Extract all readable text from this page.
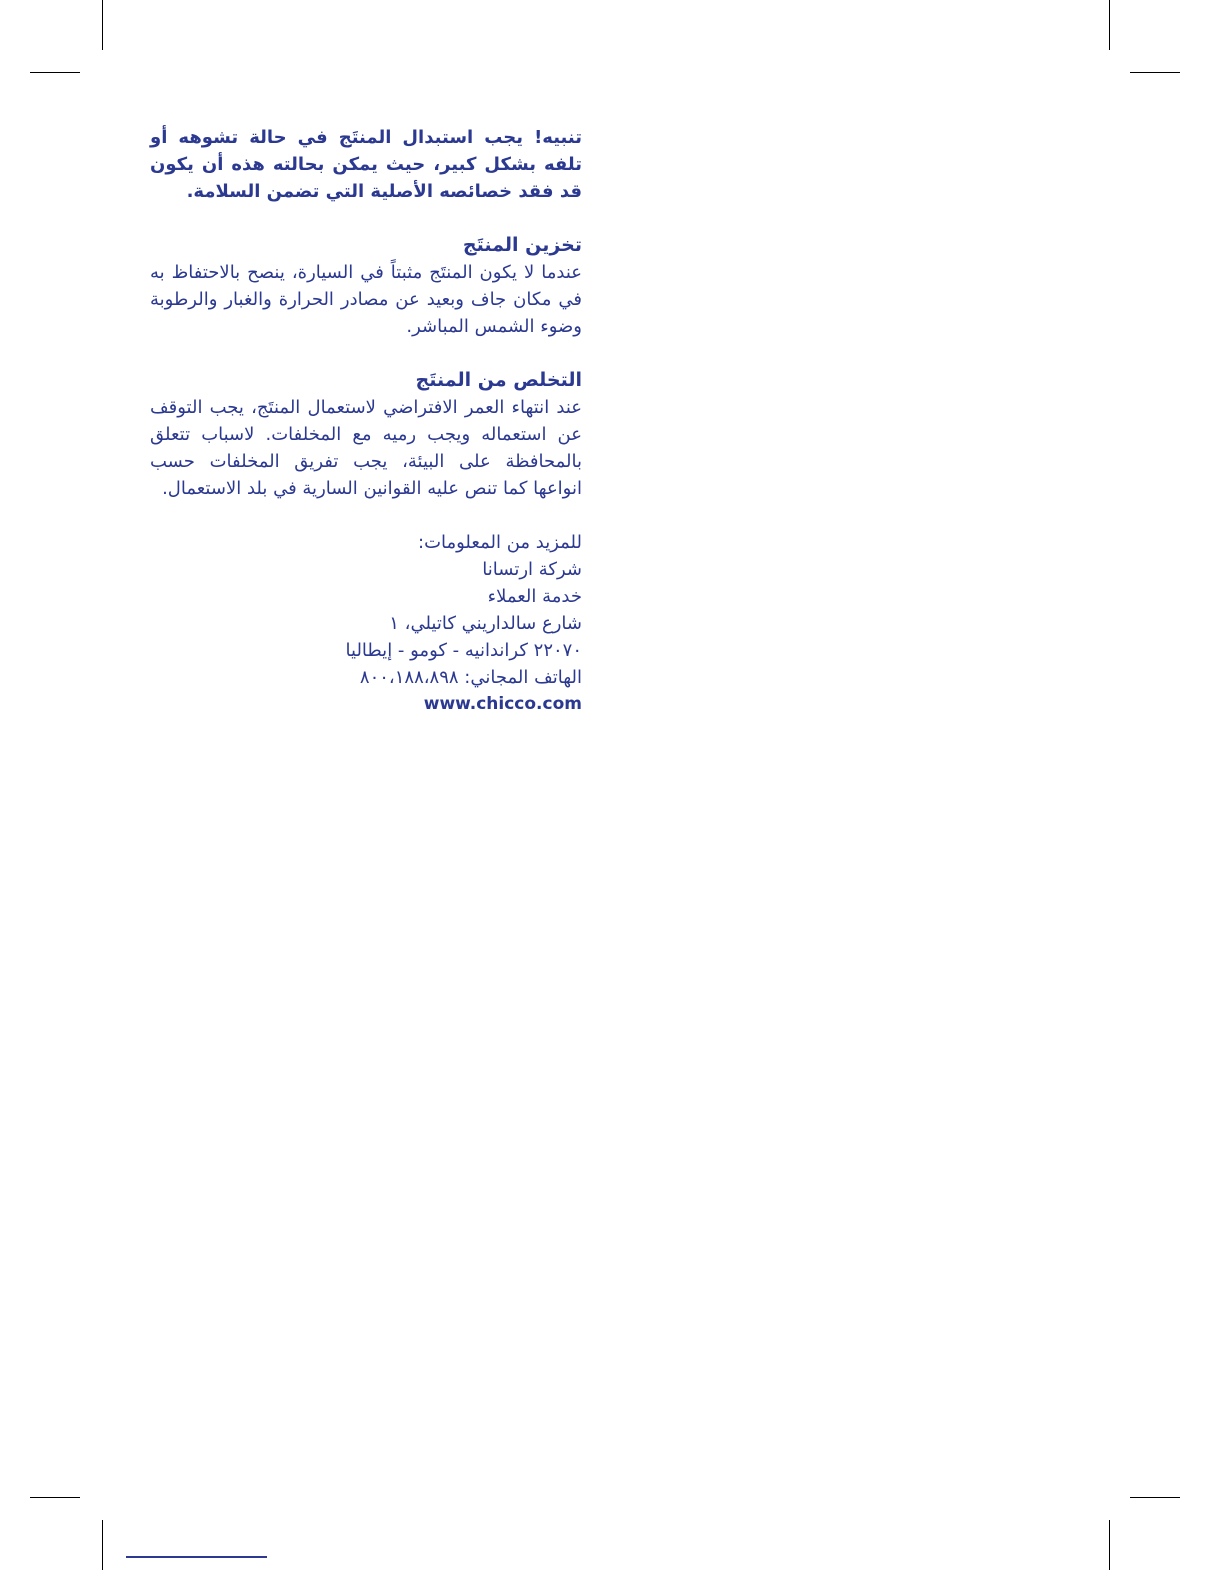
تنبيه! يجب استبدال المنتَج في حالة تشوهه أو تلفه بشكل كبير، حيث يمكن بحالته هذه أن يكون قد فقد خصائصه الأصلية التي تضمن السلامة.

تخزين المنتَج

عندما لا يكون المنتَج مثبتاً في السيارة، ينصح بالاحتفاظ به في مكان جاف وبعيد عن مصادر الحرارة والغبار والرطوبة وضوء الشمس المباشر.

التخلص من المنتَج

عند انتهاء العمر الافتراضي لاستعمال المنتَج، يجب التوقف عن استعماله ويجب رميه مع المخلفات. لاسباب تتعلق بالمحافظة على البيئة، يجب تفريق المخلفات حسب انواعها كما تنص عليه القوانين السارية في بلد الاستعمال.

للمزيد من المعلومات:
شركة ارتسانا
خدمة العملاء
شارع سالداريني كاتيلي، ١
٢٢٠٧٠ كراندانيه - كومو - إيطاليا
الهاتف المجاني: ٨٠٠،١٨٨،٨٩٨
www.chicco.com
